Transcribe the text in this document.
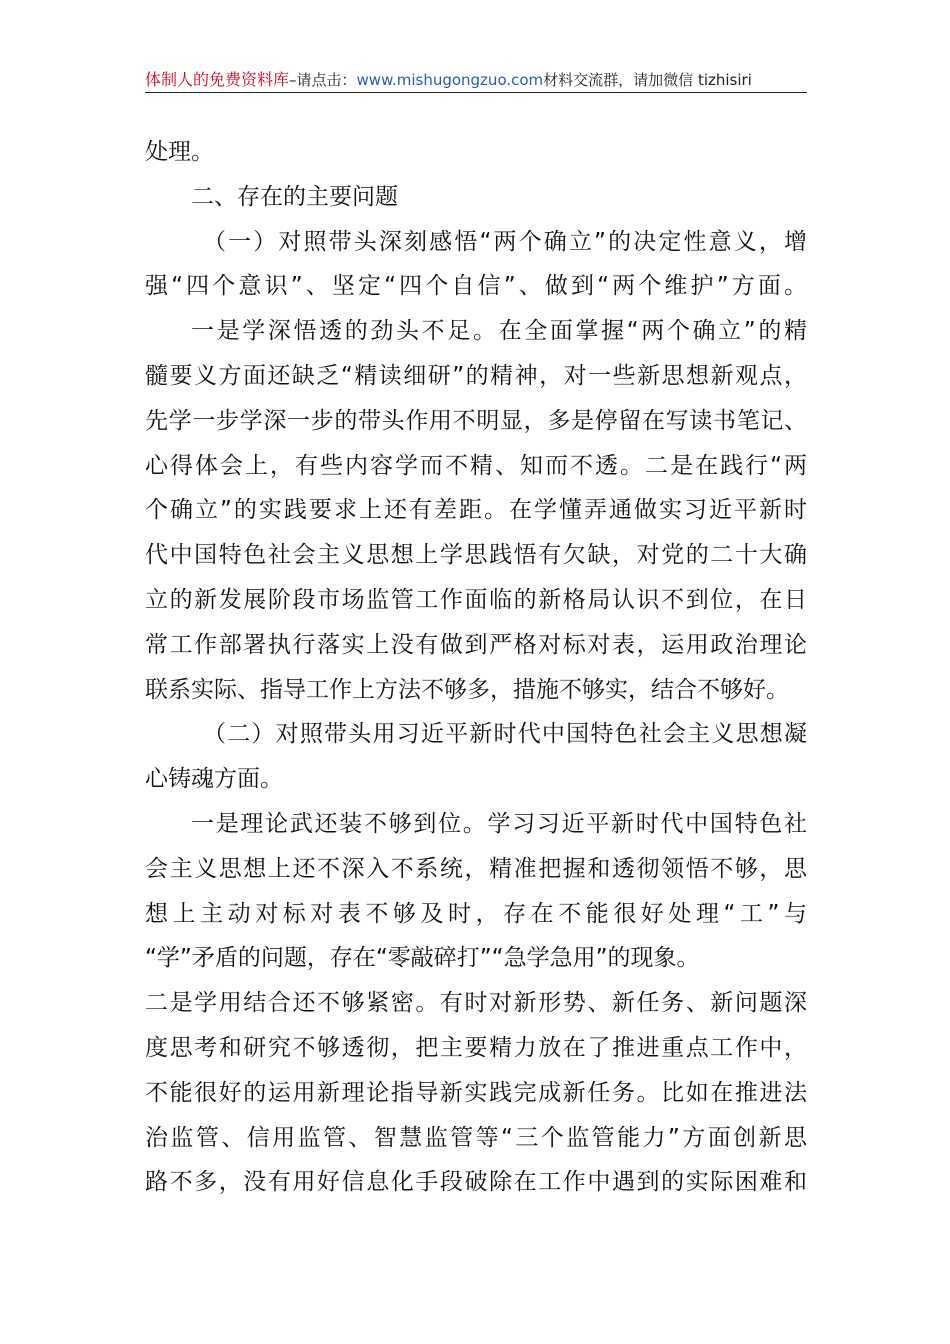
体制人的免费资料库–请点击：www.mishugongzuo.com材料交流群，请加微信 tizhisiri
处理。
二、存在的主要问题
（一）对照带头深刻感悟“两个确立”的决定性意义，增
强“四个意识”、坚定“四个自信”、做到“两个维护”方面。
一是学深悟透的劲头不足。在全面掌握“两个确立”的精
髓要义方面还缺乏“精读细研”的精神，对一些新思想新观点，
先学一步学深一步的带头作用不明显，多是停留在写读书笔记、
心得体会上，有些内容学而不精、知而不透。二是在践行“两
个确立”的实践要求上还有差距。在学懂弄通做实习近平新时
代中国特色社会主义思想上学思践悟有欠缺，对党的二十大确
立的新发展阶段市场监管工作面临的新格局认识不到位，在日
常工作部署执行落实上没有做到严格对标对表，运用政治理论
联系实际、指导工作上方法不够多，措施不够实，结合不够好。
（二）对照带头用习近平新时代中国特色社会主义思想凝
心铸魂方面。
一是理论武还装不够到位。学习习近平新时代中国特色社
会主义思想上还不深入不系统，精准把握和透彻领悟不够，思
想上主动对标对表不够及时，存在不能很好处理“工”与
“学”矛盾的问题，存在“零敲碎打”“急学急用”的现象。
二是学用结合还不够紧密。有时对新形势、新任务、新问题深
度思考和研究不够透彻，把主要精力放在了推进重点工作中，
不能很好的运用新理论指导新实践完成新任务。比如在推进法
治监管、信用监管、智慧监管等“三个监管能力”方面创新思
路不多，没有用好信息化手段破除在工作中遇到的实际困难和
